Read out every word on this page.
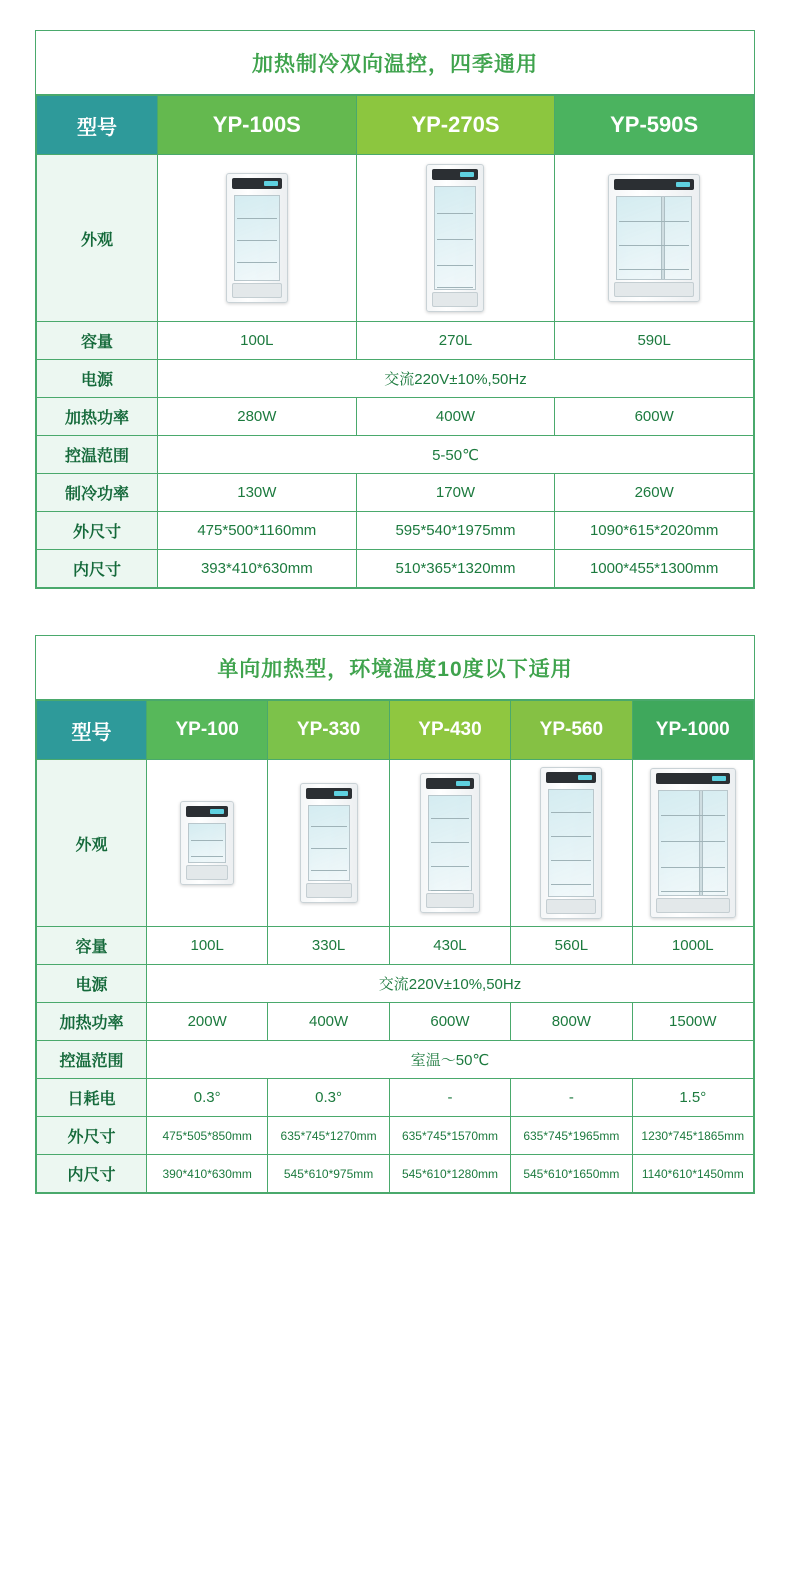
加热制冷双向温控，四季通用
型号	YP-100S	YP-270S	YP-590S
外观	

容量	100L	270L	590L
电源	交流220V±10%,50Hz		
加热功率	280W	400W	600W
控温范围	5-50℃		
制冷功率	130W	170W	260W
外尺寸	475*500*1160mm	595*540*1975mm	1090*615*2020mm
内尺寸	393*410*630mm	510*365*1320mm	1000*455*1300mm
单向加热型，环境温度10度以下适用
型号	YP-100	YP-330	YP-430	YP-560	YP-1000
外观	

容量	100L	330L	430L	560L	1000L
电源	交流220V±10%,50Hz				
加热功率	200W	400W	600W	800W	1500W
控温范围	室温～50℃				
日耗电	0.3°	0.3°	-	-	1.5°
外尺寸	475*505*850mm	635*745*1270mm	635*745*1570mm	635*745*1965mm	1230*745*1865mm
内尺寸	390*410*630mm	545*610*975mm	545*610*1280mm	545*610*1650mm	1140*610*1450mm
